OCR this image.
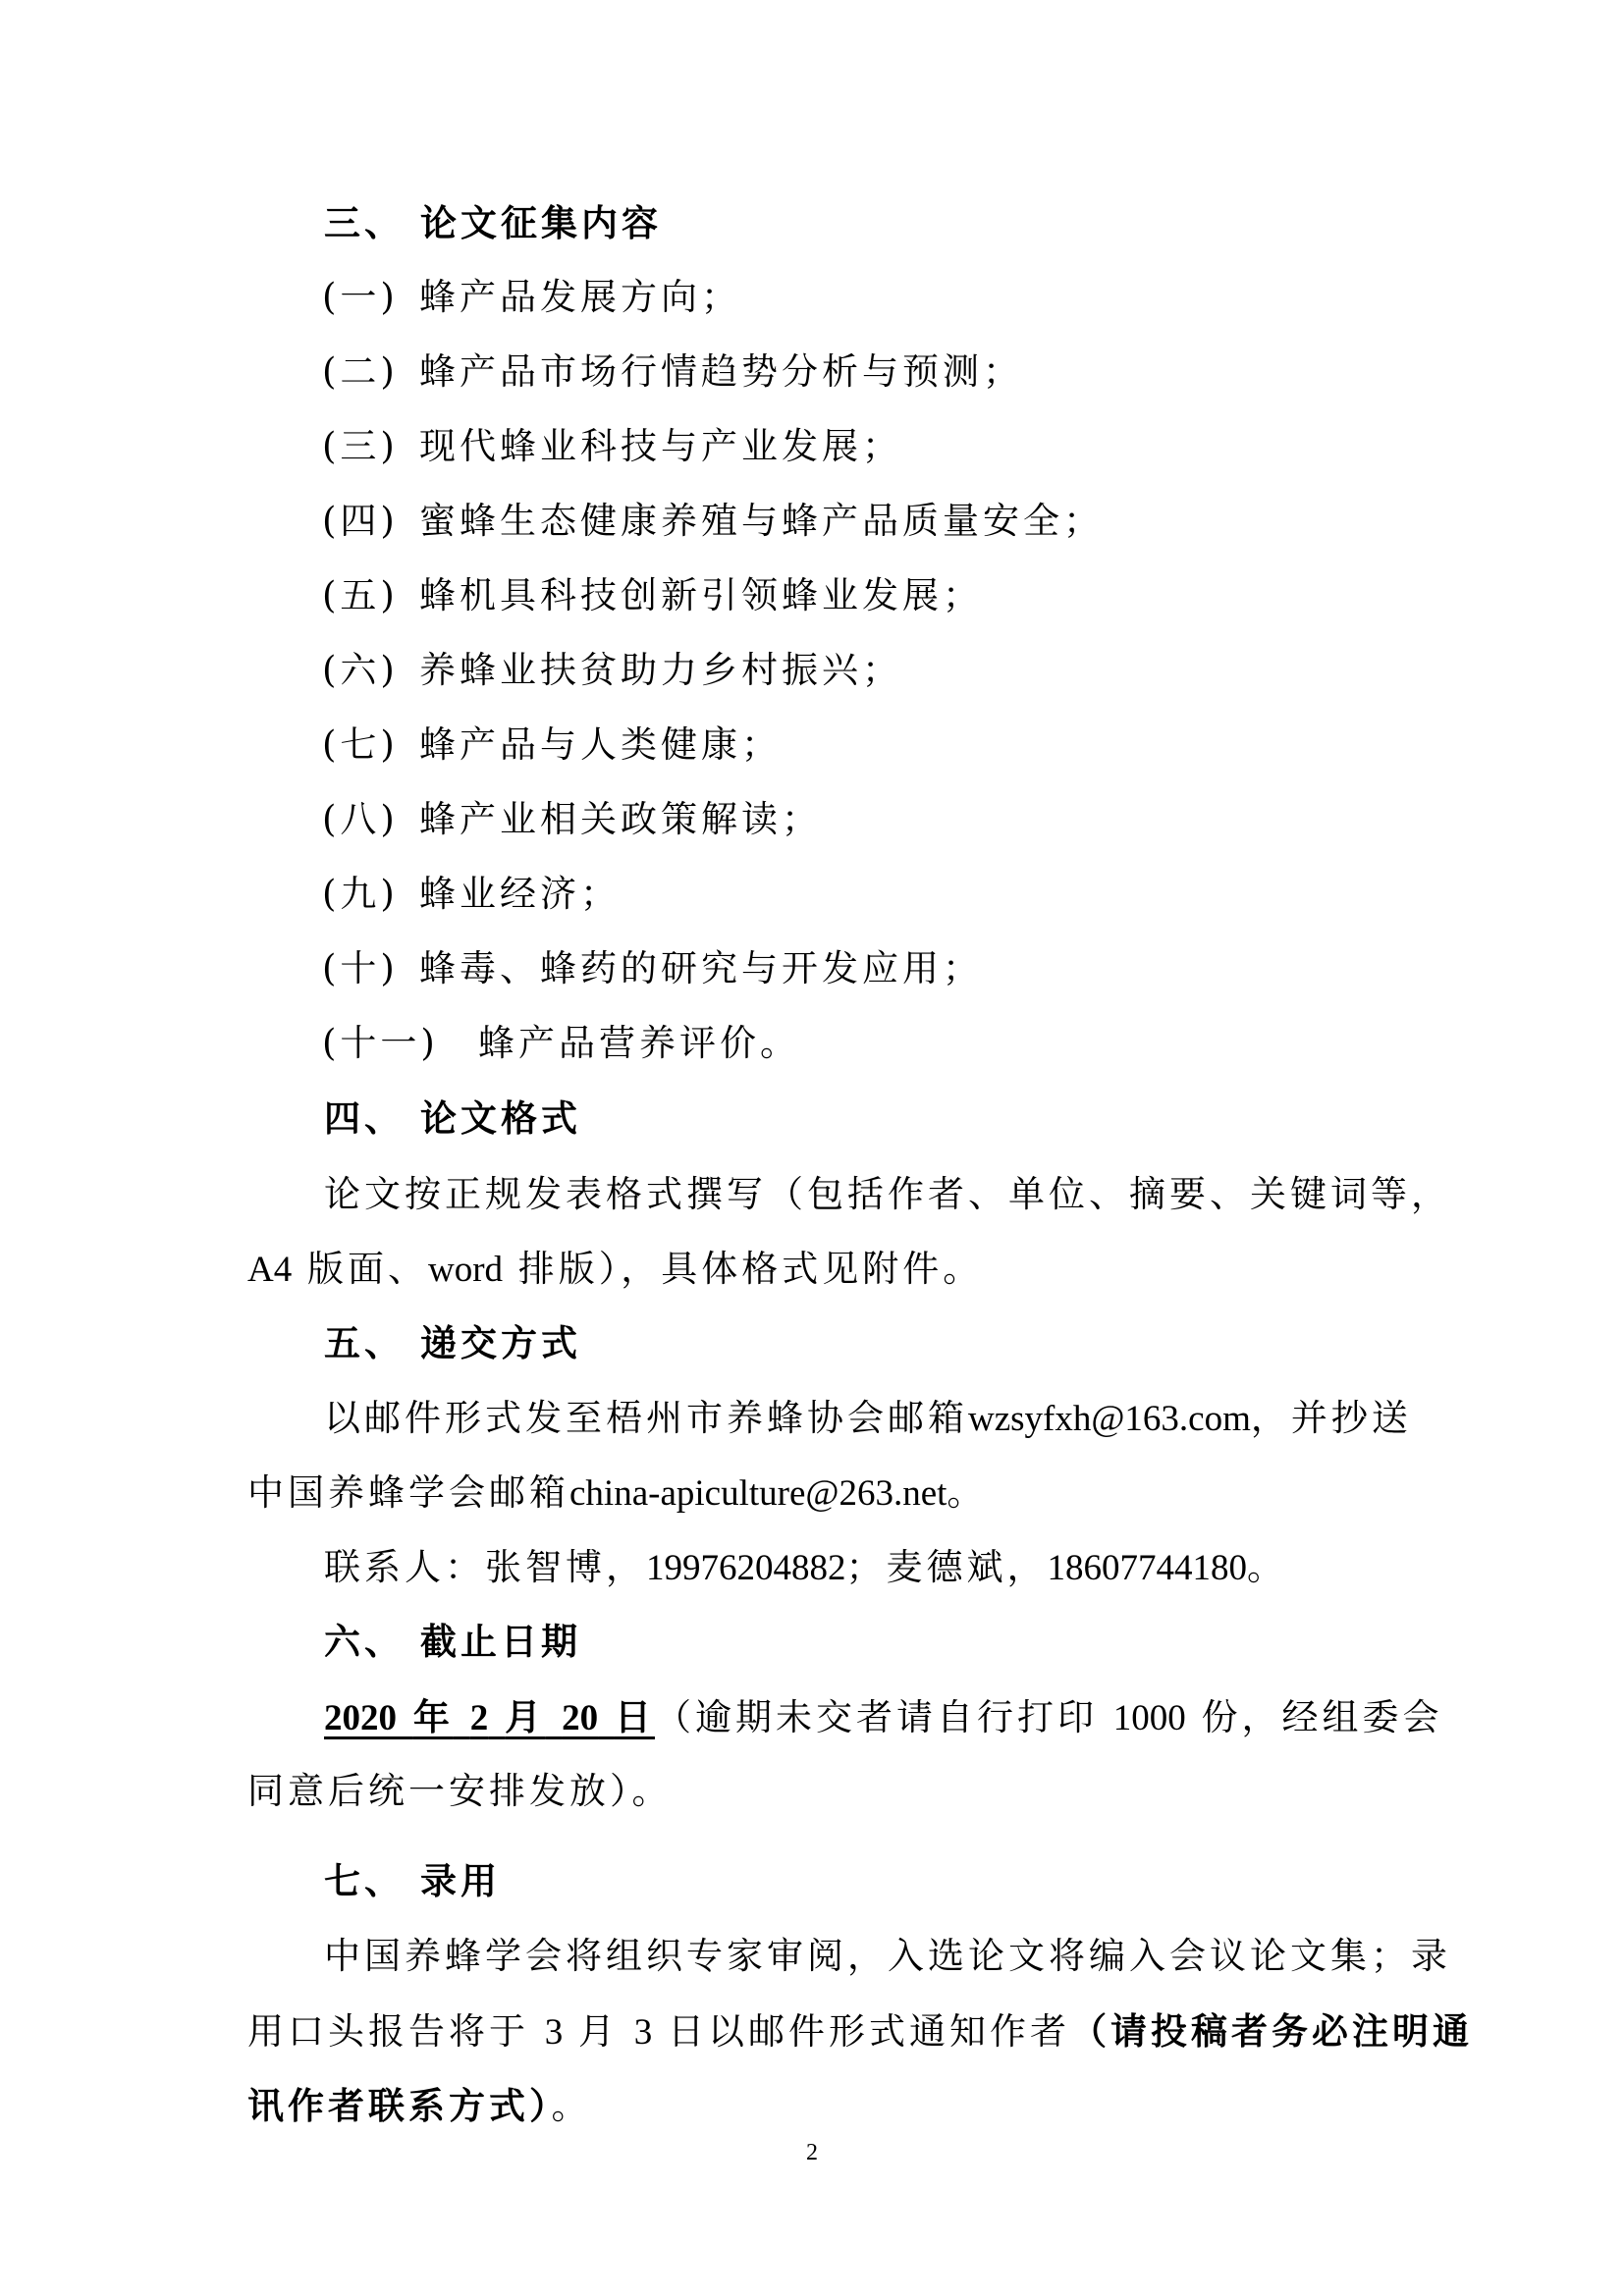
三、 论文征集内容
(一) 蜂产品发展方向；
(二) 蜂产品市场行情趋势分析与预测；
(三) 现代蜂业科技与产业发展；
(四) 蜜蜂生态健康养殖与蜂产品质量安全；
(五) 蜂机具科技创新引领蜂业发展；
(六) 养蜂业扶贫助力乡村振兴；
(七) 蜂产品与人类健康；
(八) 蜂产业相关政策解读；
(九) 蜂业经济；
(十) 蜂毒、蜂药的研究与开发应用；
(十一) 蜂产品营养评价。
四、 论文格式
论文按正规发表格式撰写（包括作者、单位、摘要、关键词等，
A4 版面、word 排版），具体格式见附件。
五、 递交方式
以邮件形式发至梧州市养蜂协会邮箱wzsyfxh@163.com，并抄送
中国养蜂学会邮箱china-apiculture@263.net。
联系人：张智博，19976204882；麦德斌，18607744180。
六、 截止日期
2020 年 2 月 20 日（逾期未交者请自行打印 1000 份，经组委会
同意后统一安排发放）。
七、 录用
中国养蜂学会将组织专家审阅，入选论文将编入会议论文集；录
用口头报告将于 3 月 3 日以邮件形式通知作者（请投稿者务必注明通
讯作者联系方式）。
2
